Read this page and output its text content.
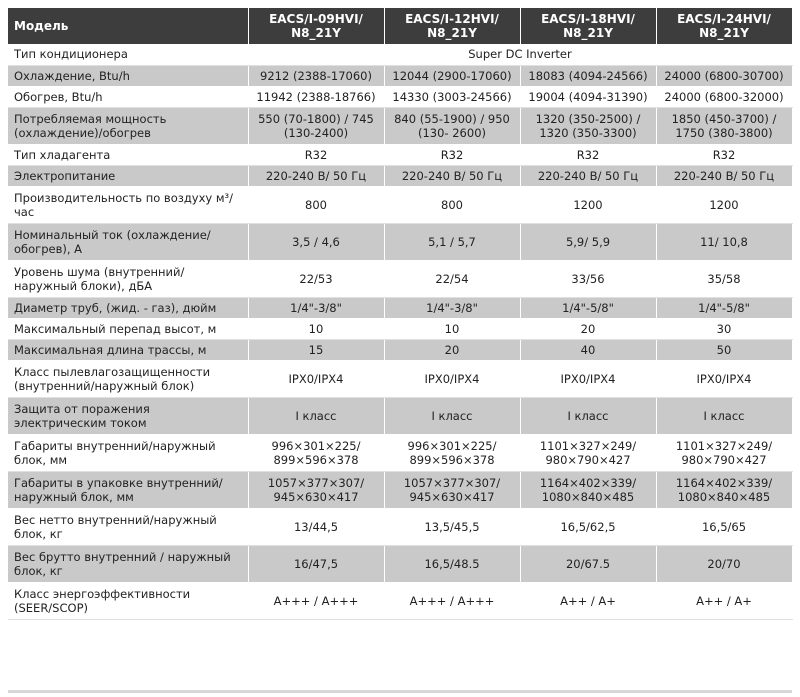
Модель	EACS/I-09HVI/ N8_21Y	EACS/I-12HVI/ N8_21Y	EACS/I-18HVI/ N8_21Y	EACS/I-24HVI/ N8_21Y
Тип кондиционера	Super DC Inverter			
Охлаждение, Btu/h	9212 (2388-17060)	12044 (2900-17060)	18083 (4094-24566)	24000 (6800-30700)
Обогрев, Btu/h	11942 (2388-18766)	14330 (3003-24566)	19004 (4094-31390)	24000 (6800-32000)
Потребляемая мощность (охлаждение)/обогрев	550 (70-1800) / 745 (130-2400)	840 (55-1900) / 950 (130- 2600)	1320 (350-2500) / 1320 (350-3300)	1850 (450-3700) / 1750 (380-3800)
Тип хладагента	R32	R32	R32	R32
Электропитание	220-240 В/ 50 Гц	220-240 В/ 50 Гц	220-240 В/ 50 Гц	220-240 В/ 50 Гц
Производительность по воздуху м³/час	800	800	1200	1200
Номинальный ток (охлаждение/ обогрев), А	3,5 / 4,6	5,1 / 5,7	5,9/ 5,9	11/ 10,8
Уровень шума (внутренний/ наружный блоки), дБА	22/53	22/54	33/56	35/58
Диаметр труб, (жид. - газ), дюйм	1/4"-3/8"	1/4"-3/8"	1/4"-5/8"	1/4"-5/8"
Максимальный перепад высот, м	10	10	20	30
Максимальная длина трассы, м	15	20	40	50
Класс пылевлагозащищенности (внутренний/наружный блок)	IPX0/IPX4	IPX0/IPX4	IPX0/IPX4	IPX0/IPX4
Защита от поражения электрическим током	I класс	I класс	I класс	I класс
Габариты внутренний/наружный блок, мм	996×301×225/ 899×596×378	996×301×225/ 899×596×378	1101×327×249/ 980×790×427	1101×327×249/ 980×790×427
Габариты в упаковке внутренний/ наружный блок, мм	1057×377×307/ 945×630×417	1057×377×307/ 945×630×417	1164×402×339/ 1080×840×485	1164×402×339/ 1080×840×485
Вес нетто внутренний/наружный блок, кг	13/44,5	13,5/45,5	16,5/62,5	16,5/65
Вес брутто внутренний / наружный блок, кг	16/47,5	16,5/48.5	20/67.5	20/70
Класс энергоэффективности (SEER/SCOP)	A+++ / A+++	A+++ / A+++	A++ / A+	A++ / A+
